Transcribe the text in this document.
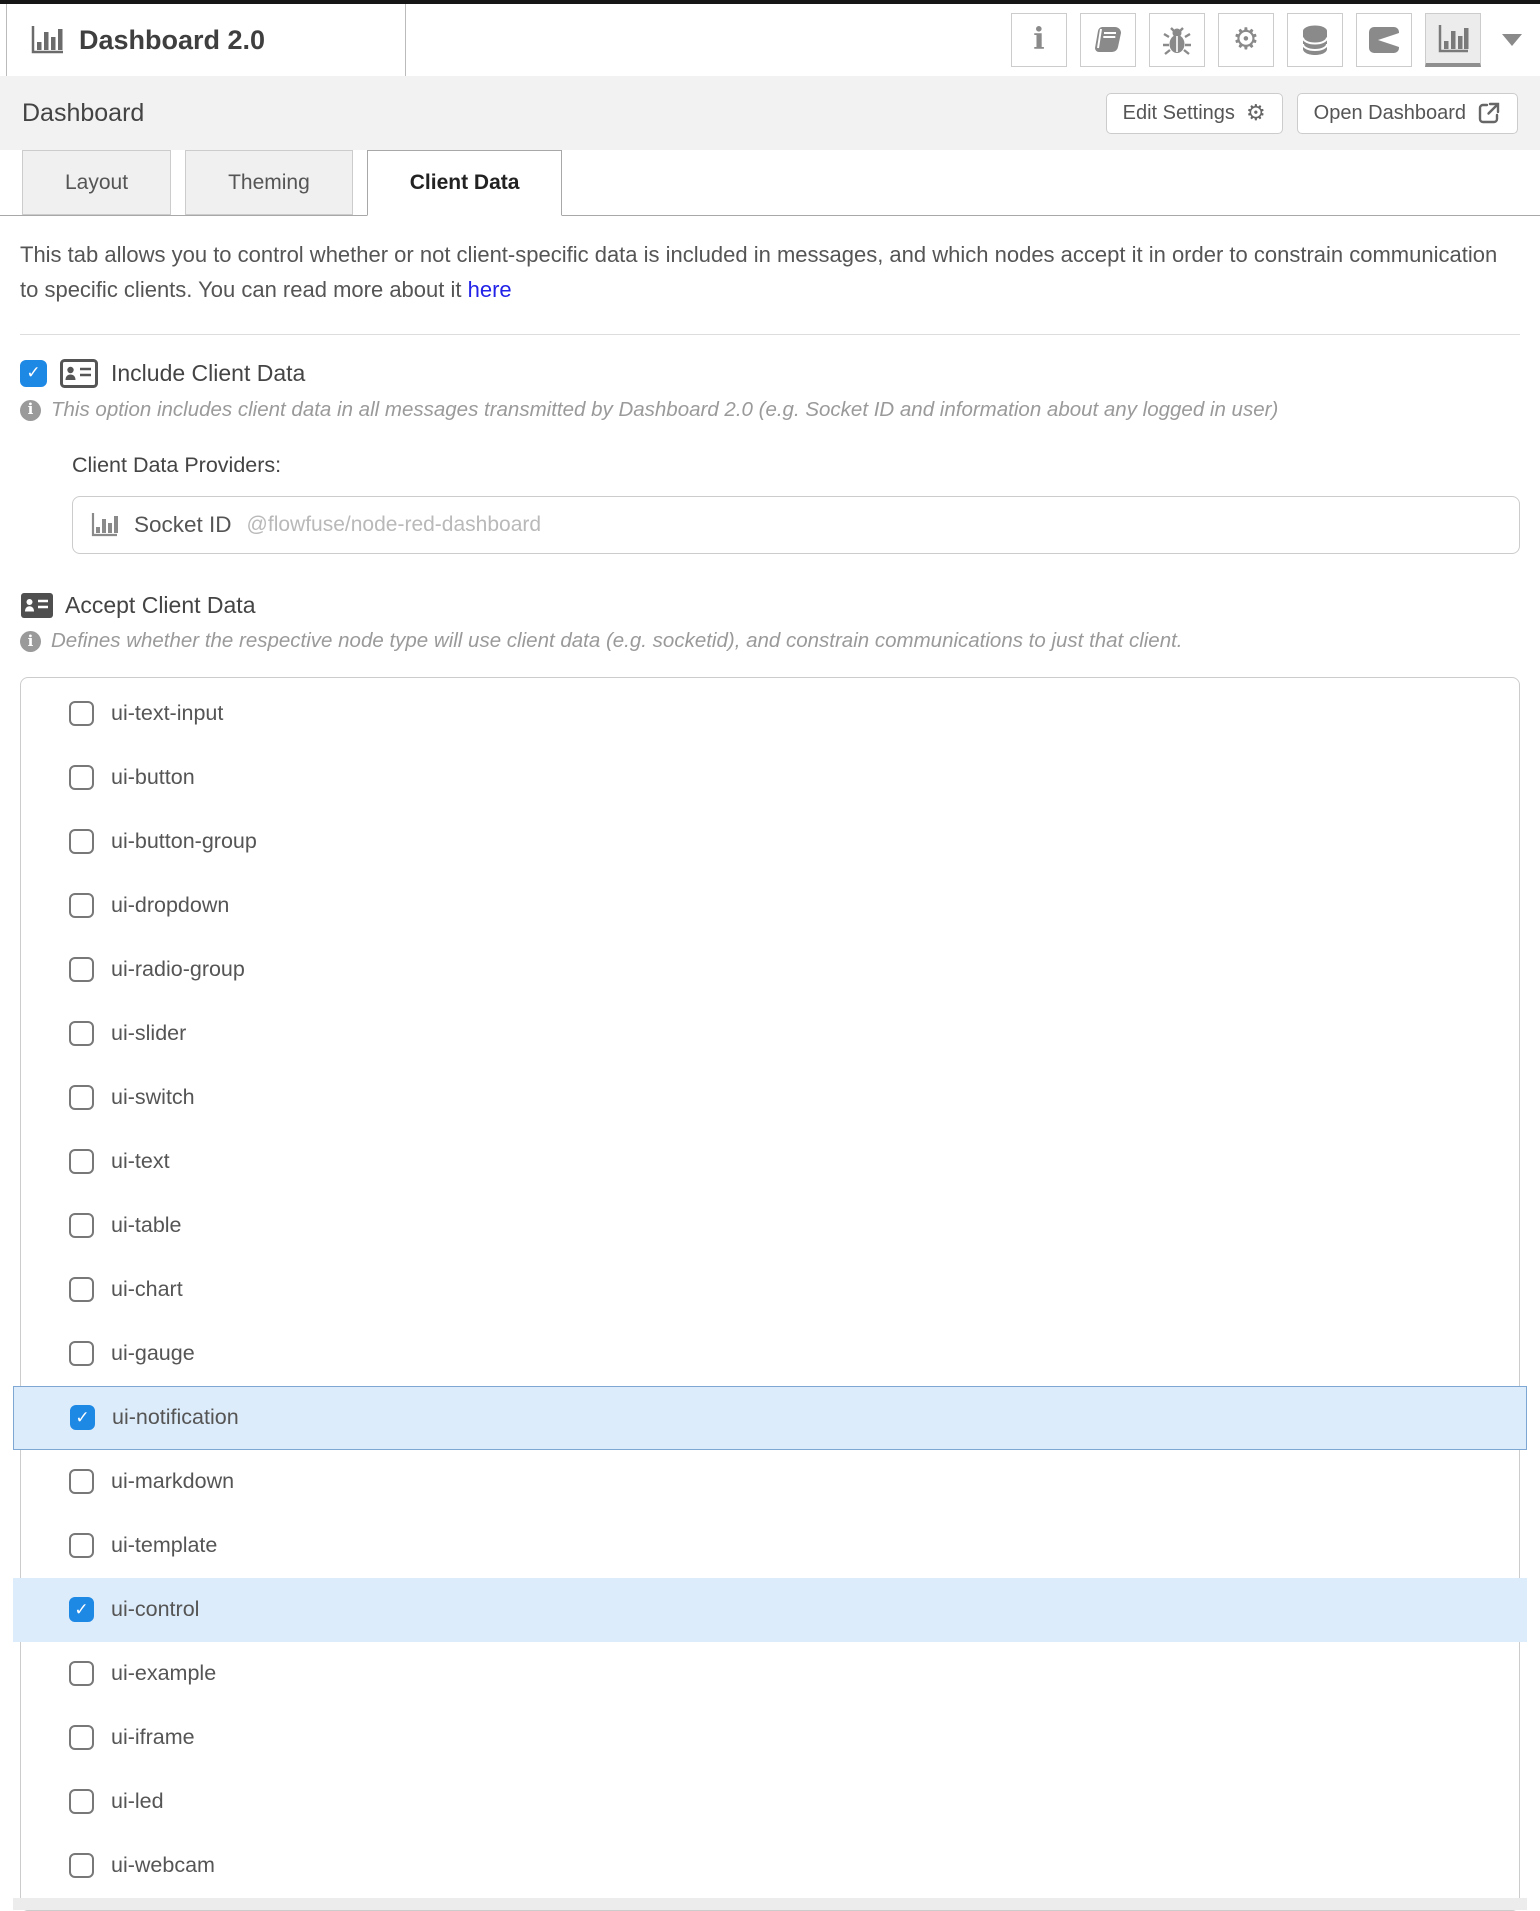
Dashboard 2.0	i	⚙
Dashboard	Edit Settings ⚙ Open Dashboard
Layout	Theming	Client Data

This tab allows you to control whether or not client-specific data is included in messages, and which nodes accept it in order to constrain communication to specific clients. You can read more about it here

✓	Include Client Data
i This option includes client data in all messages transmitted by Dashboard 2.0 (e.g. Socket ID and information about any logged in user)
Client Data Providers:
Socket ID @flowfuse/node-red-dashboard
Accept Client Data
i Defines whether the respective node type will use client data (e.g. socketid), and constrain communications to just that client.
ui-text-input
ui-button
ui-button-group
ui-dropdown
ui-radio-group
ui-slider
ui-switch
ui-text
ui-table
ui-chart
ui-gauge
✓ ui-notification
ui-markdown
ui-template
✓ ui-control
ui-example
ui-iframe
ui-led
ui-webcam
